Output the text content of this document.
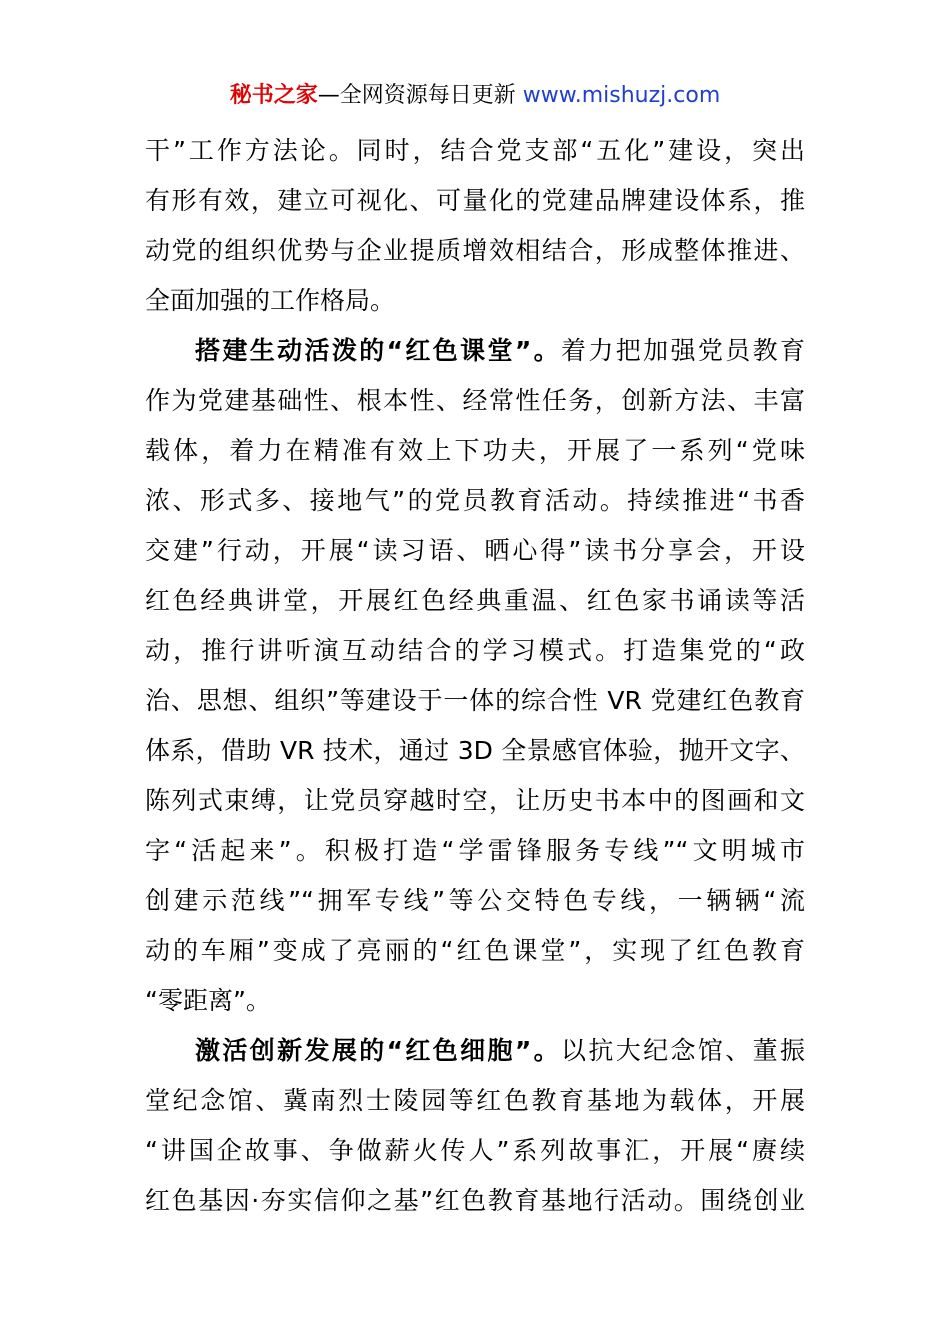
秘书之家—全网资源每日更新 www.mishuzj.com
干”工作方法论。同时，结合党支部“五化”建设，突出
有形有效，建立可视化、可量化的党建品牌建设体系，推
动党的组织优势与企业提质增效相结合，形成整体推进、
全面加强的工作格局。
搭建生动活泼的“红色课堂”。着力把加强党员教育
作为党建基础性、根本性、经常性任务，创新方法、丰富
载体，着力在精准有效上下功夫，开展了一系列“党味
浓、形式多、接地气”的党员教育活动。持续推进“书香
交建”行动，开展“读习语、晒心得”读书分享会，开设
红色经典讲堂，开展红色经典重温、红色家书诵读等活
动，推行讲听演互动结合的学习模式。打造集党的“政
治、思想、组织”等建设于一体的综合性 VR 党建红色教育
体系，借助 VR 技术，通过 3D 全景感官体验，抛开文字、
陈列式束缚，让党员穿越时空，让历史书本中的图画和文
字“活起来”。积极打造“学雷锋服务专线”“文明城市
创建示范线”“拥军专线”等公交特色专线，一辆辆“流
动的车厢”变成了亮丽的“红色课堂”，实现了红色教育
“零距离”。
激活创新发展的“红色细胞”。以抗大纪念馆、董振
堂纪念馆、冀南烈士陵园等红色教育基地为载体，开展
“讲国企故事、争做薪火传人”系列故事汇，开展“赓续
红色基因·夯实信仰之基”红色教育基地行活动。围绕创业
